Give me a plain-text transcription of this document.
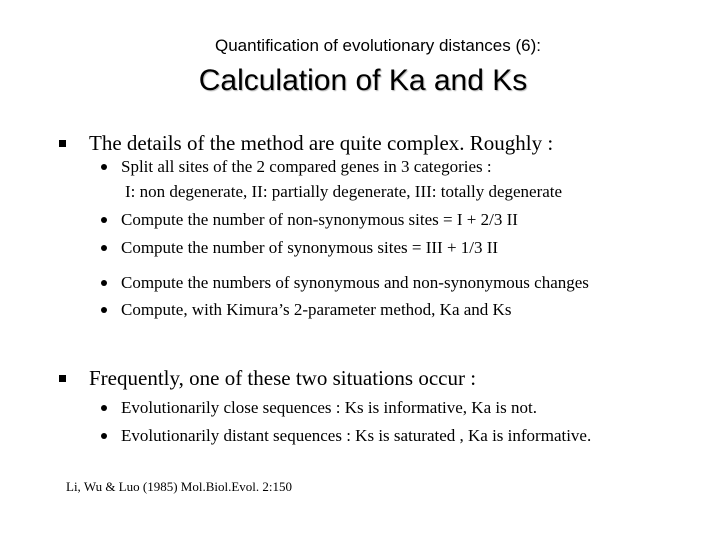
Quantification of evolutionary distances (6):
Calculation of Ka and Ks
The details of the method are quite complex. Roughly :
Split all sites of the 2 compared genes in 3 categories :
I: non degenerate, II: partially degenerate, III: totally degenerate
Compute the number of non-synonymous sites = I + 2/3 II
Compute the number of synonymous sites = III + 1/3 II
Compute the numbers of synonymous and non-synonymous changes
Compute, with Kimura’s 2-parameter method, Ka and Ks
Frequently, one of these two situations occur :
Evolutionarily close sequences : Ks is informative, Ka is not.
Evolutionarily distant sequences : Ks is saturated , Ka is informative.
Li, Wu & Luo (1985) Mol.Biol.Evol. 2:150
